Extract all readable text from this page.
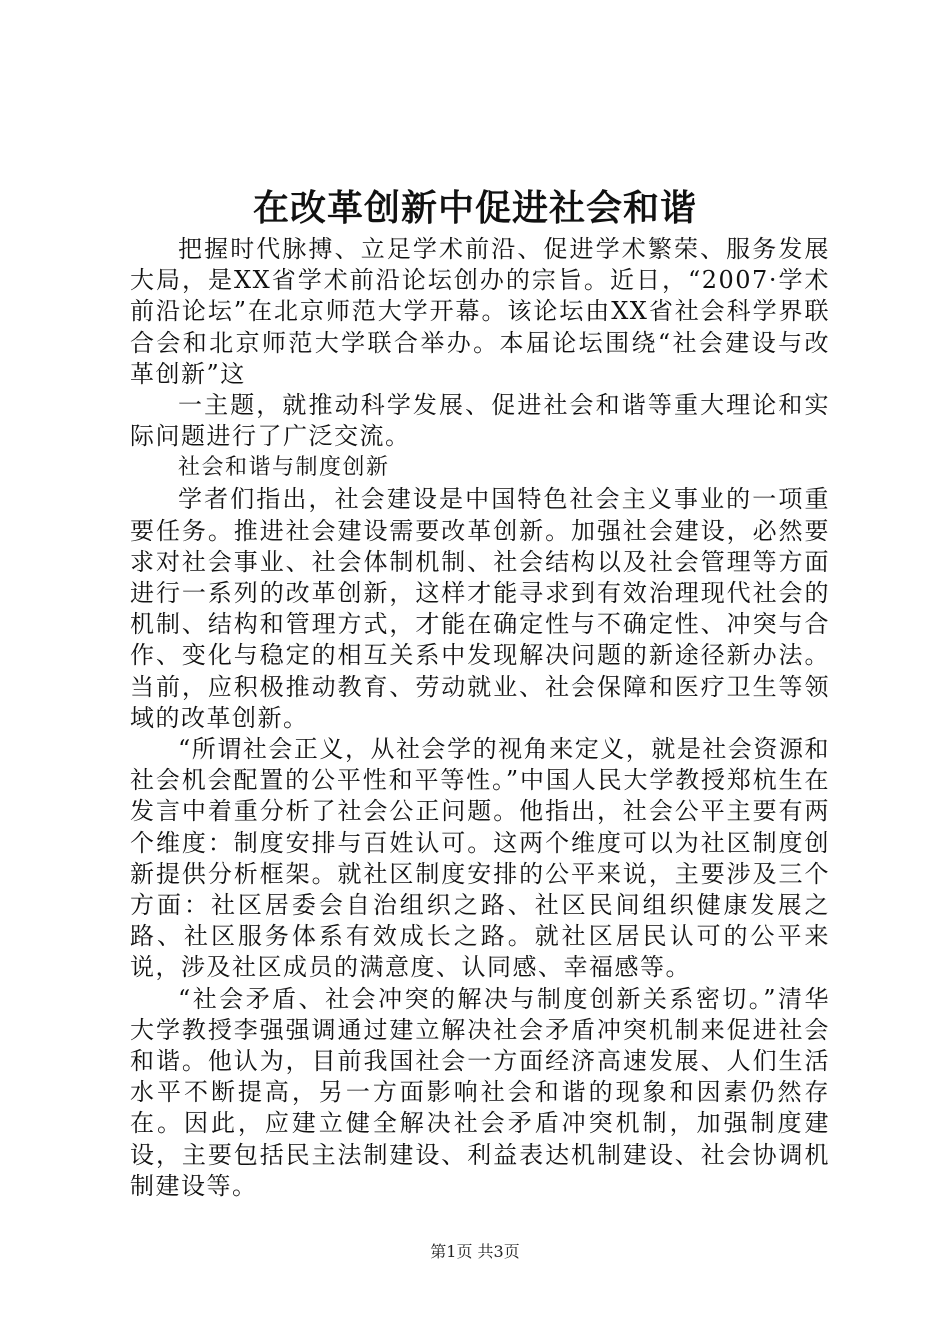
在改革创新中促进社会和谐

把握时代脉搏、立足学术前沿、促进学术繁荣、服务发展大局，是XX省学术前沿论坛创办的宗旨。近日，“2007·学术前沿论坛”在北京师范大学开幕。该论坛由XX省社会科学界联合会和北京师范大学联合举办。本届论坛围绕“社会建设与改革创新”这

一主题，就推动科学发展、促进社会和谐等重大理论和实际问题进行了广泛交流。

社会和谐与制度创新

学者们指出，社会建设是中国特色社会主义事业的一项重要任务。推进社会建设需要改革创新。加强社会建设，必然要求对社会事业、社会体制机制、社会结构以及社会管理等方面进行一系列的改革创新，这样才能寻求到有效治理现代社会的机制、结构和管理方式，才能在确定性与不确定性、冲突与合作、变化与稳定的相互关系中发现解决问题的新途径新办法。当前，应积极推动教育、劳动就业、社会保障和医疗卫生等领域的改革创新。

“所谓社会正义，从社会学的视角来定义，就是社会资源和社会机会配置的公平性和平等性。”中国人民大学教授郑杭生在发言中着重分析了社会公正问题。他指出，社会公平主要有两个维度：制度安排与百姓认可。这两个维度可以为社区制度创新提供分析框架。就社区制度安排的公平来说，主要涉及三个方面：社区居委会自治组织之路、社区民间组织健康发展之路、社区服务体系有效成长之路。就社区居民认可的公平来说，涉及社区成员的满意度、认同感、幸福感等。

“社会矛盾、社会冲突的解决与制度创新关系密切。”清华大学教授李强强调通过建立解决社会矛盾冲突机制来促进社会和谐。他认为，目前我国社会一方面经济高速发展、人们生活水平不断提高，另一方面影响社会和谐的现象和因素仍然存在。因此，应建立健全解决社会矛盾冲突机制，加强制度建设，主要包括民主法制建设、利益表达机制建设、社会协调机制建设等。

第1页 共3页
